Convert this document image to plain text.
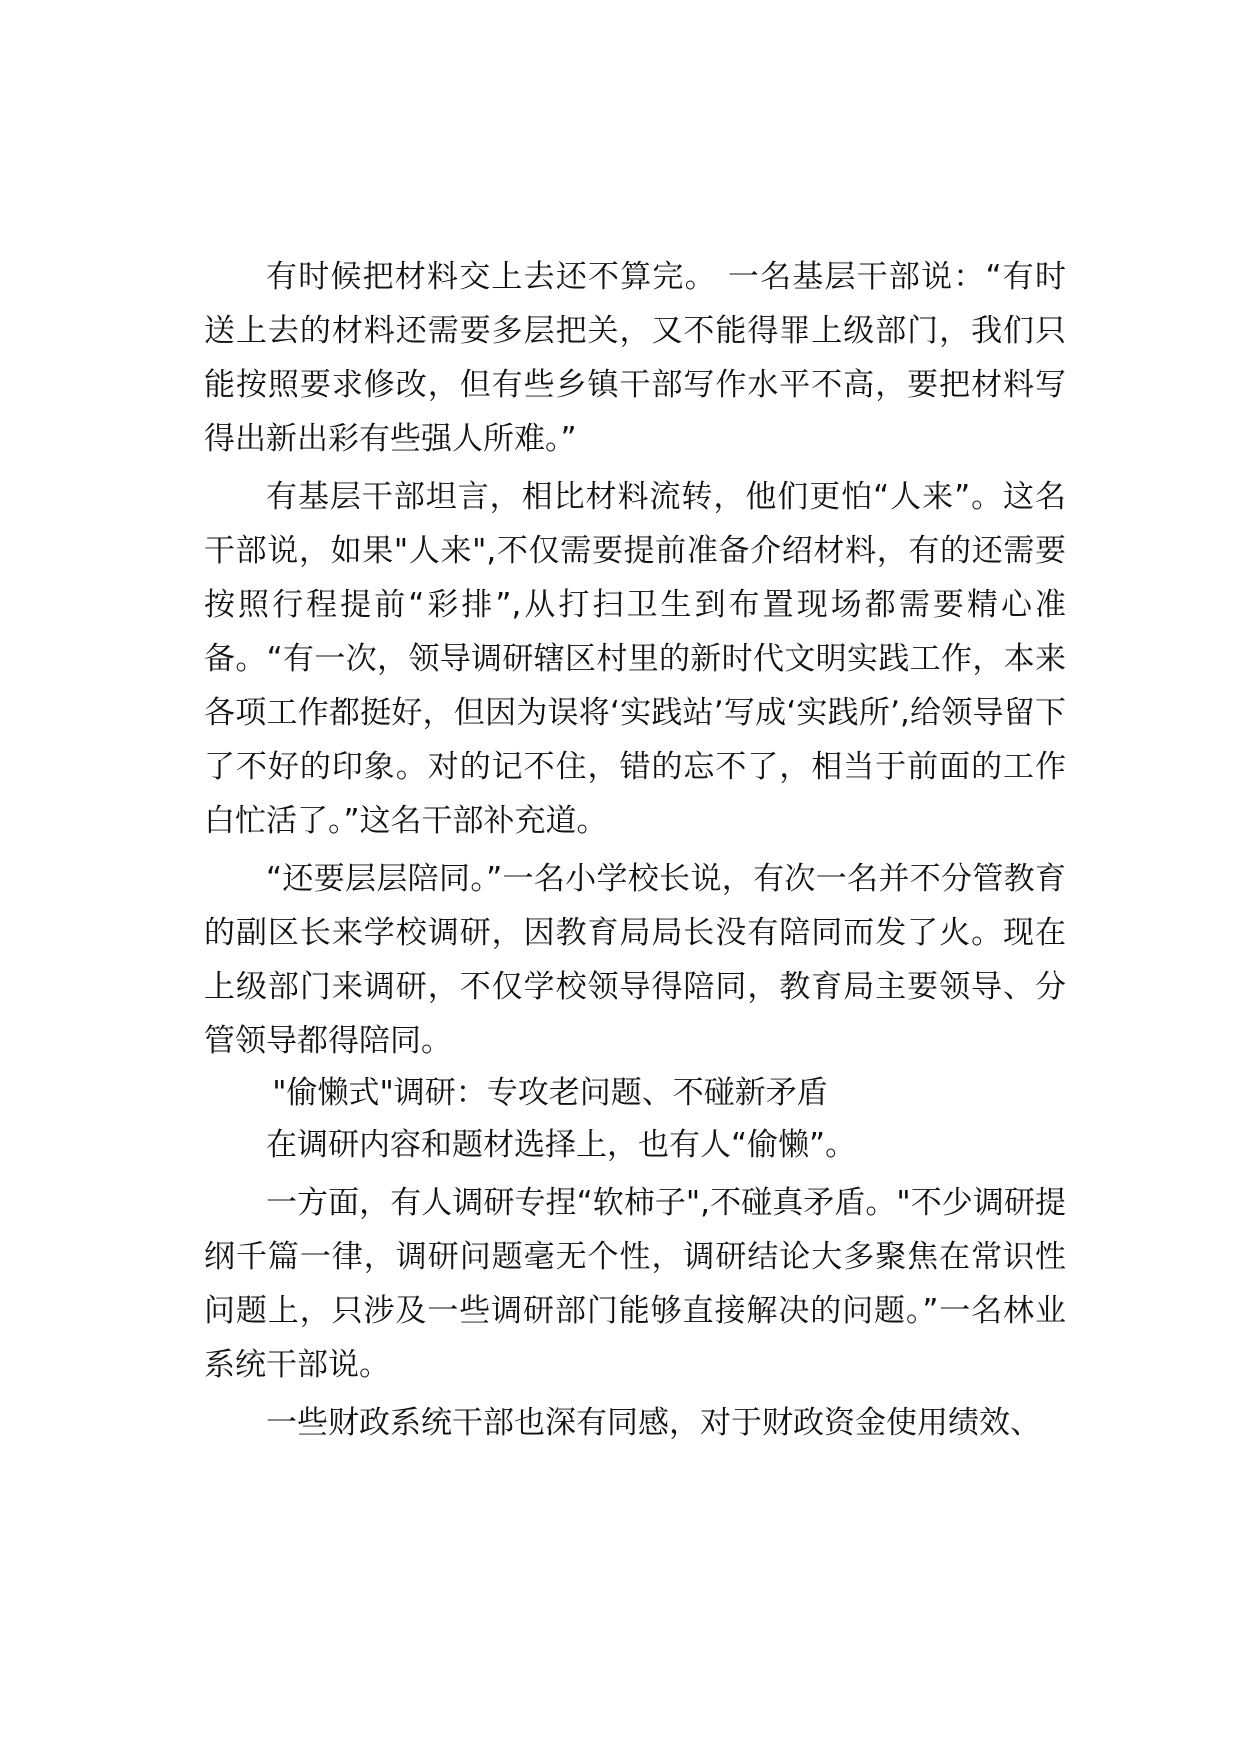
有时候把材料交上去还不算完。 一名基层干部说：“有时送上去的材料还需要多层把关，又不能得罪上级部门，我们只能按照要求修改，但有些乡镇干部写作水平不高，要把材料写得出新出彩有些强人所难。”

有基层干部坦言，相比材料流转，他们更怕“人来”。这名干部说，如果"人来",不仅需要提前准备介绍材料，有的还需要按照行程提前“彩排”,从打扫卫生到布置现场都需要精心准备。“有一次，领导调研辖区村里的新时代文明实践工作，本来各项工作都挺好，但因为误将‘实践站’写成‘实践所’,给领导留下了不好的印象。对的记不住，错的忘不了，相当于前面的工作白忙活了。”这名干部补充道。

“还要层层陪同。”一名小学校长说，有次一名并不分管教育的副区长来学校调研，因教育局局长没有陪同而发了火。现在上级部门来调研，不仅学校领导得陪同，教育局主要领导、分管领导都得陪同。

"偷懒式"调研：专攻老问题、不碰新矛盾

在调研内容和题材选择上，也有人“偷懒”。

一方面，有人调研专捏“软柿子",不碰真矛盾。"不少调研提纲千篇一律，调研问题毫无个性，调研结论大多聚焦在常识性问题上，只涉及一些调研部门能够直接解决的问题。”一名林业系统干部说。

一些财政系统干部也深有同感，对于财政资金使用绩效、
